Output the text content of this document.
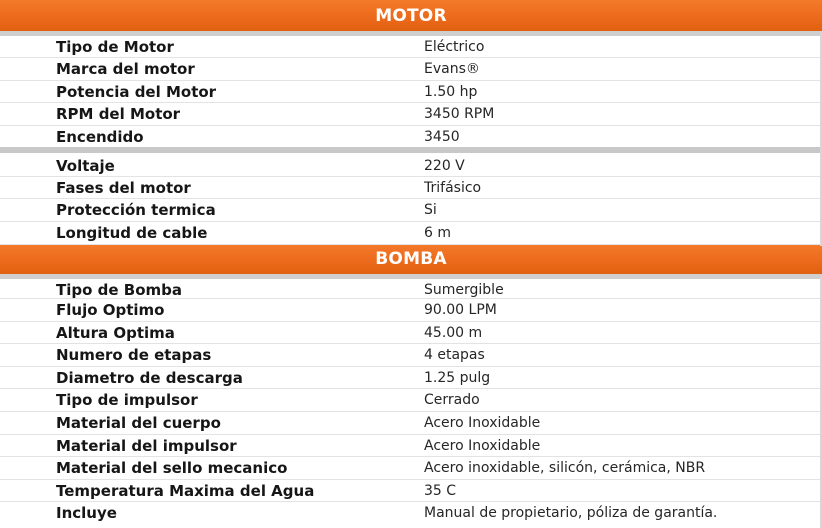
MOTOR
Tipo de Motor	Eléctrico
Marca del motor	Evans®
Potencia del Motor	1.50 hp
RPM del Motor	3450 RPM
Encendido	3450
Voltaje	220 V
Fases del motor	Trifásico
Protección termica	Si
Longitud de cable	6 m
BOMBA
Tipo de Bomba	Sumergible
Flujo Optimo	90.00 LPM
Altura Optima	45.00 m
Numero de etapas	4 etapas
Diametro de descarga	1.25 pulg
Tipo de impulsor	Cerrado
Material del cuerpo	Acero Inoxidable
Material del impulsor	Acero Inoxidable
Material del sello mecanico	Acero inoxidable, silicón, cerámica, NBR
Temperatura Maxima del Agua	35 C
Incluye	Manual de propietario, póliza de garantía.
